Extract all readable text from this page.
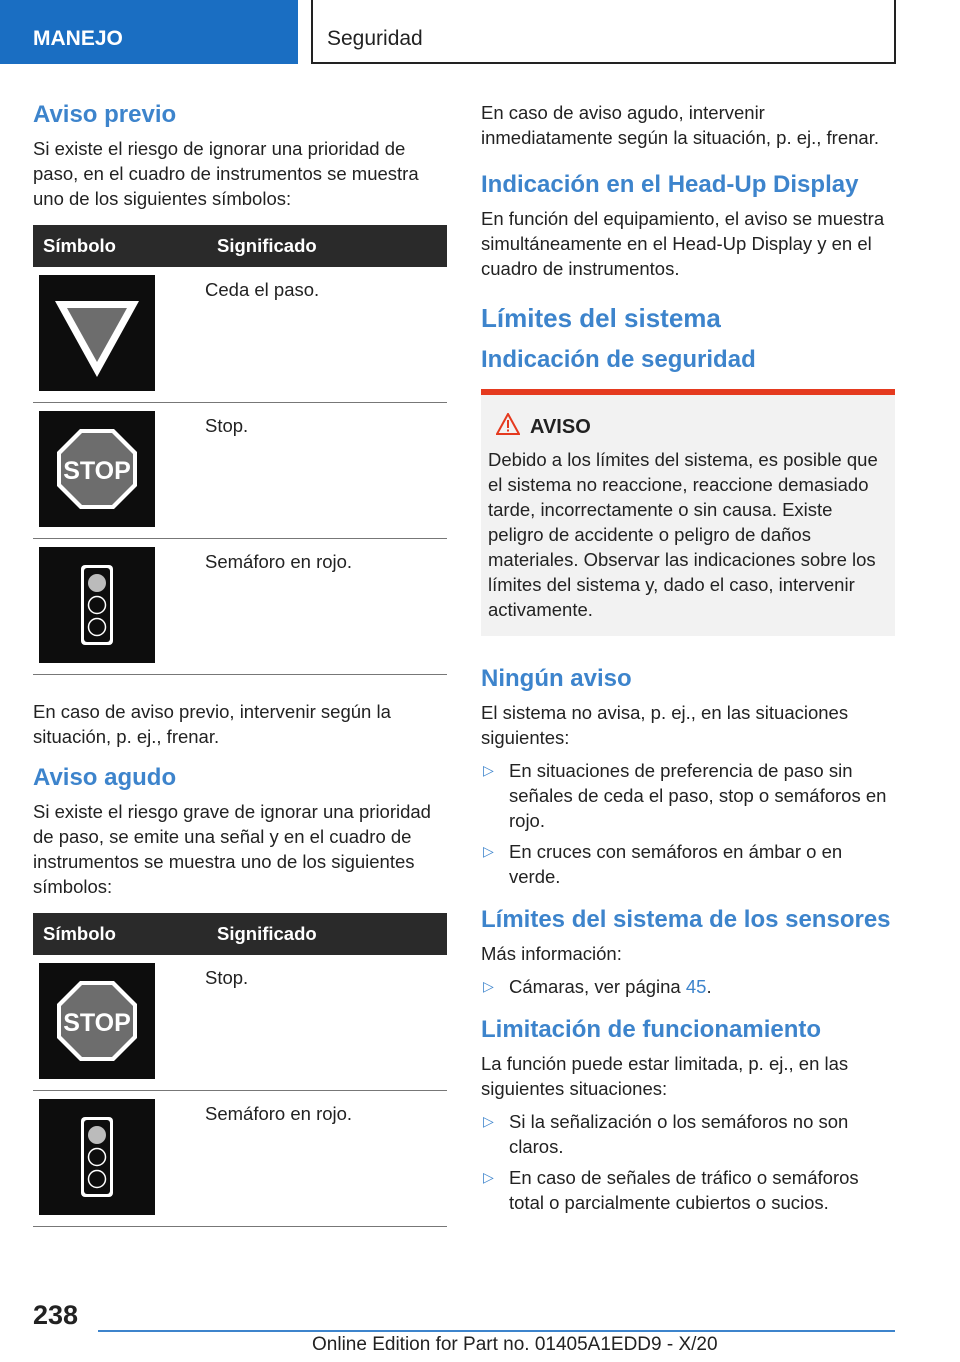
MANEJO	Seguridad
Aviso previo

Si existe el riesgo de ignorar una prioridad de paso, en el cuadro de instrumentos se muestra uno de los siguientes símbolos:

Símbolo	Significado

	Ceda el paso.

STOP	Stop.

	Semáforo en rojo.

En caso de aviso previo, intervenir según la situación, p. ej., frenar.

Aviso agudo

Si existe el riesgo grave de ignorar una prioridad de paso, se emite una señal y en el cuadro de instrumentos se muestra uno de los siguientes símbolos:

Símbolo	Significado

STOP	Stop.

	Semáforo en rojo.

En caso de aviso agudo, intervenir inmediatamente según la situación, p. ej., frenar.

Indicación en el Head-Up Display

En función del equipamiento, el aviso se muestra simultáneamente en el Head-Up Display y en el cuadro de instrumentos.

Límites del sistema
Indicación de seguridad
AVISO

Debido a los límites del sistema, es posible que el sistema no reaccione, reaccione demasiado tarde, incorrectamente o sin causa. Existe peligro de accidente o peligro de daños materiales. Observar las indicaciones sobre los límites del sistema y, dado el caso, intervenir activamente.

Ningún aviso

El sistema no avisa, p. ej., en las situaciones siguientes:

▷ En situaciones de preferencia de paso sin señales de ceda el paso, stop o semáforos en rojo.
▷ En cruces con semáforos en ámbar o en verde.
Límites del sistema de los sensores

Más información:

▷ Cámaras, ver página 45.
Limitación de funcionamiento

La función puede estar limitada, p. ej., en las siguientes situaciones:

▷ Si la señalización o los semáforos no son claros.
▷ En caso de señales de tráfico o semáforos total o parcialmente cubiertos o sucios.
238
Online Edition for Part no. 01405A1EDD9 - X/20
